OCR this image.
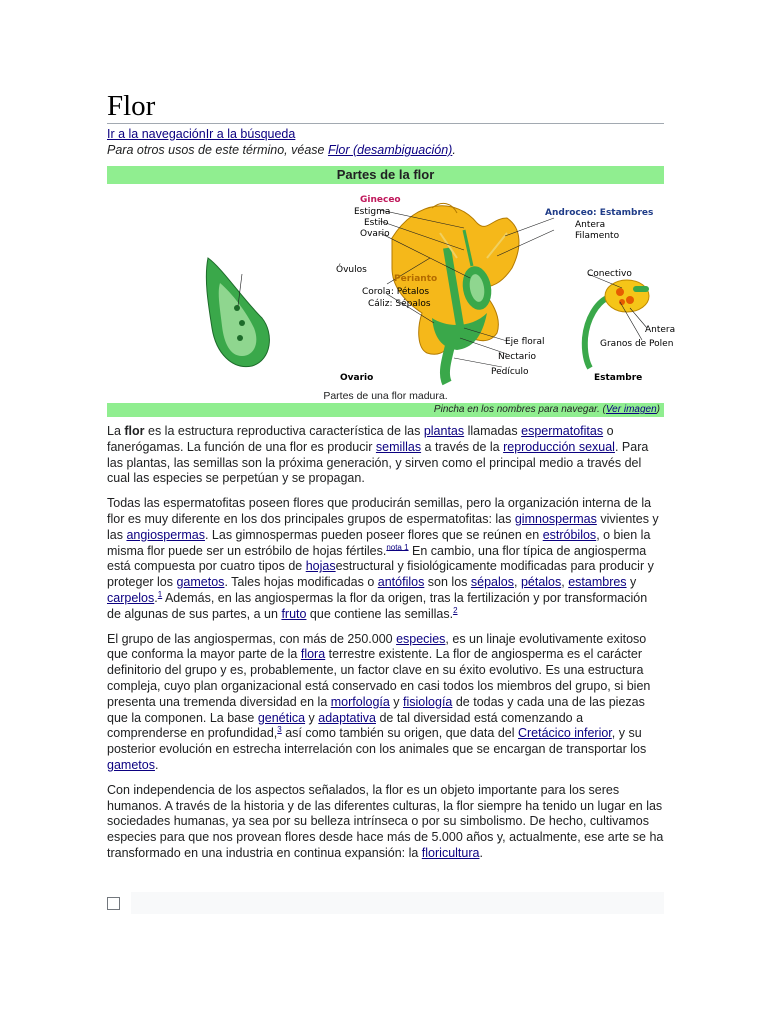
Flor
Ir a la navegaciónIr a la búsqueda
Para otros usos de este término, véase Flor (desambiguación).
Partes de la flor
Gineceo
Estigma
Estilo
Ovario
Androceo: Estambres
Antera
Filamento
Óvulos
Perianto
Corola: Pétalos
Cáliz: Sépalos
Conectivo
Antera
Granos de Polen
Eje floral
Nectario
Pedículo
Ovario	Estambre
Partes de una flor madura.
Pincha en los nombres para navegar. (Ver imagen)

La flor es la estructura reproductiva característica de las plantas llamadas espermatofitas o fanerógamas. La función de una flor es producir semillas a través de la reproducción sexual. Para las plantas, las semillas son la próxima generación, y sirven como el principal medio a través del cual las especies se perpetúan y se propagan.

Todas las espermatofitas poseen flores que producirán semillas, pero la organización interna de la flor es muy diferente en los dos principales grupos de espermatofitas: las gimnospermas vivientes y las angiospermas. Las gimnospermas pueden poseer flores que se reúnen en estróbilos, o bien la misma flor puede ser un estróbilo de hojas fértiles.$^{nota 1}$ En cambio, una flor típica de angiosperma está compuesta por cuatro tipos de hojasestructural y fisiológicamente modificadas para producir y proteger los gametos. Tales hojas modificadas o antófilos son los sépalos, pétalos, estambres y carpelos.$^1$ Además, en las angiospermas la flor da origen, tras la fertilización y por transformación de algunas de sus partes, a un fruto que contiene las semillas.$^2$

El grupo de las angiospermas, con más de 250.000 especies, es un linaje evolutivamente exitoso que conforma la mayor parte de la flora terrestre existente. La flor de angiosperma es el carácter definitorio del grupo y es, probablemente, un factor clave en su éxito evolutivo. Es una estructura compleja, cuyo plan organizacional está conservado en casi todos los miembros del grupo, si bien presenta una tremenda diversidad en la morfología y fisiología de todas y cada una de las piezas que la componen. La base genética y adaptativa de tal diversidad está comenzando a comprenderse en profundidad,$^3$ así como también su origen, que data del Cretácico inferior, y su posterior evolución en estrecha interrelación con los animales que se encargan de transportar los gametos.

Con independencia de los aspectos señalados, la flor es un objeto importante para los seres humanos. A través de la historia y de las diferentes culturas, la flor siempre ha tenido un lugar en las sociedades humanas, ya sea por su belleza intrínseca o por su simbolismo. De hecho, cultivamos especies para que nos provean flores desde hace más de 5.000 años y, actualmente, ese arte se ha transformado en una industria en continua expansión: la floricultura.
